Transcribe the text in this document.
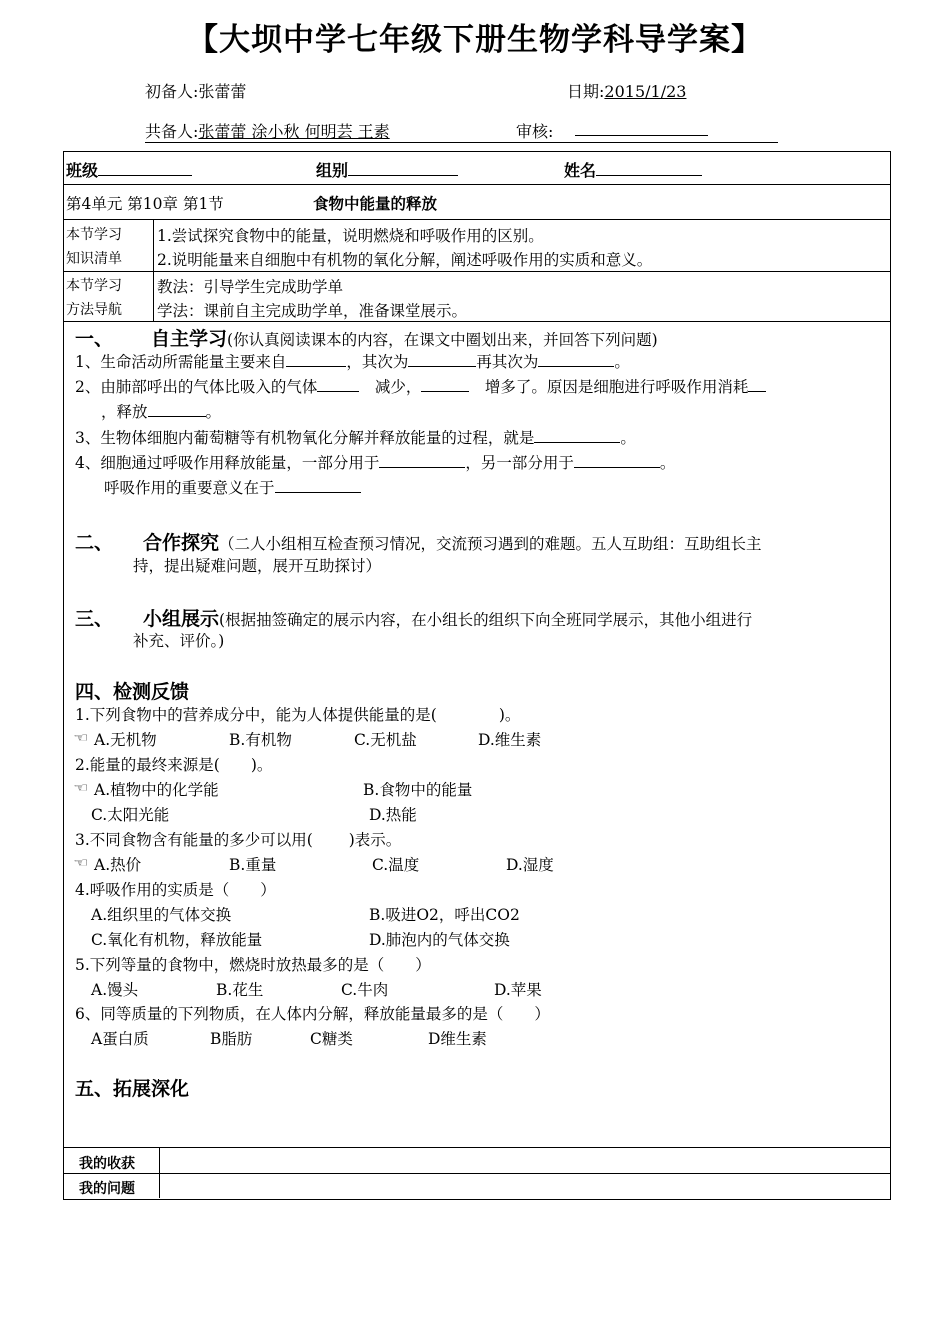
【大坝中学七年级下册生物学科导学案】
初备人:张蕾蕾	日期:2015/1/23
共备人:张蕾蕾 涂小秋 何明芸 王素	审核:
班级	组别	姓名
第4单元 第10章 第1节	食物中能量的释放
本节学习
知识清单
1.尝试探究食物中的能量，说明燃烧和呼吸作用的区别。
2.说明能量来自细胞中有机物的氧化分解，阐述呼吸作用的实质和意义。
本节学习
方法导航
教法：引导学生完成助学单
学法：课前自主完成助学单，准备课堂展示。
一、 自主学习(你认真阅读课本的内容，在课文中圈划出来，并回答下列问题)
1、生命活动所需能量主要来自	，其次为	再其次为	。
2、由肺部呼出的气体比吸入的气体　	减少，　	增多了。原因是细胞进行呼吸作用消耗
，释放	。
3、生物体细胞内葡萄糖等有机物氧化分解并释放能量的过程，就是	。
4、细胞通过呼吸作用释放能量，一部分用于	，另一部分用于	。
呼吸作用的重要意义在于
二、 合作探究（二人小组相互检查预习情况，交流预习遇到的难题。五人互助组：互助组长主
持，提出疑难问题，展开互助探讨）
三、 小组展示(根据抽签确定的展示内容，在小组长的组织下向全班同学展示，其他小组进行
补充、评价。)
四、检测反馈
1.下列食物中的营养成分中，能为人体提供能量的是(　　　　)。
☜ A.无机物	B.有机物	C.无机盐	D.维生素
2.能量的最终来源是(　　)。
☜ A.植物中的化学能	B.食物中的能量
C.太阳光能	D.热能
3.不同食物含有能量的多少可以用(　　 )表示。
☜ A.热价	B.重量	C.温度	D.湿度
4.呼吸作用的实质是（　　）
A.组织里的气体交换	B.吸进O2，呼出CO2
C.氧化有机物，释放能量	D.肺泡内的气体交换
5.下列等量的食物中，燃烧时放热最多的是（　　）
A.馒头	B.花生	C.牛肉	D.苹果
6、同等质量的下列物质，在人体内分解，释放能量最多的是（　　）
A蛋白质	B脂肪	C糖类	D维生素
五、拓展深化
我的收获
我的问题
